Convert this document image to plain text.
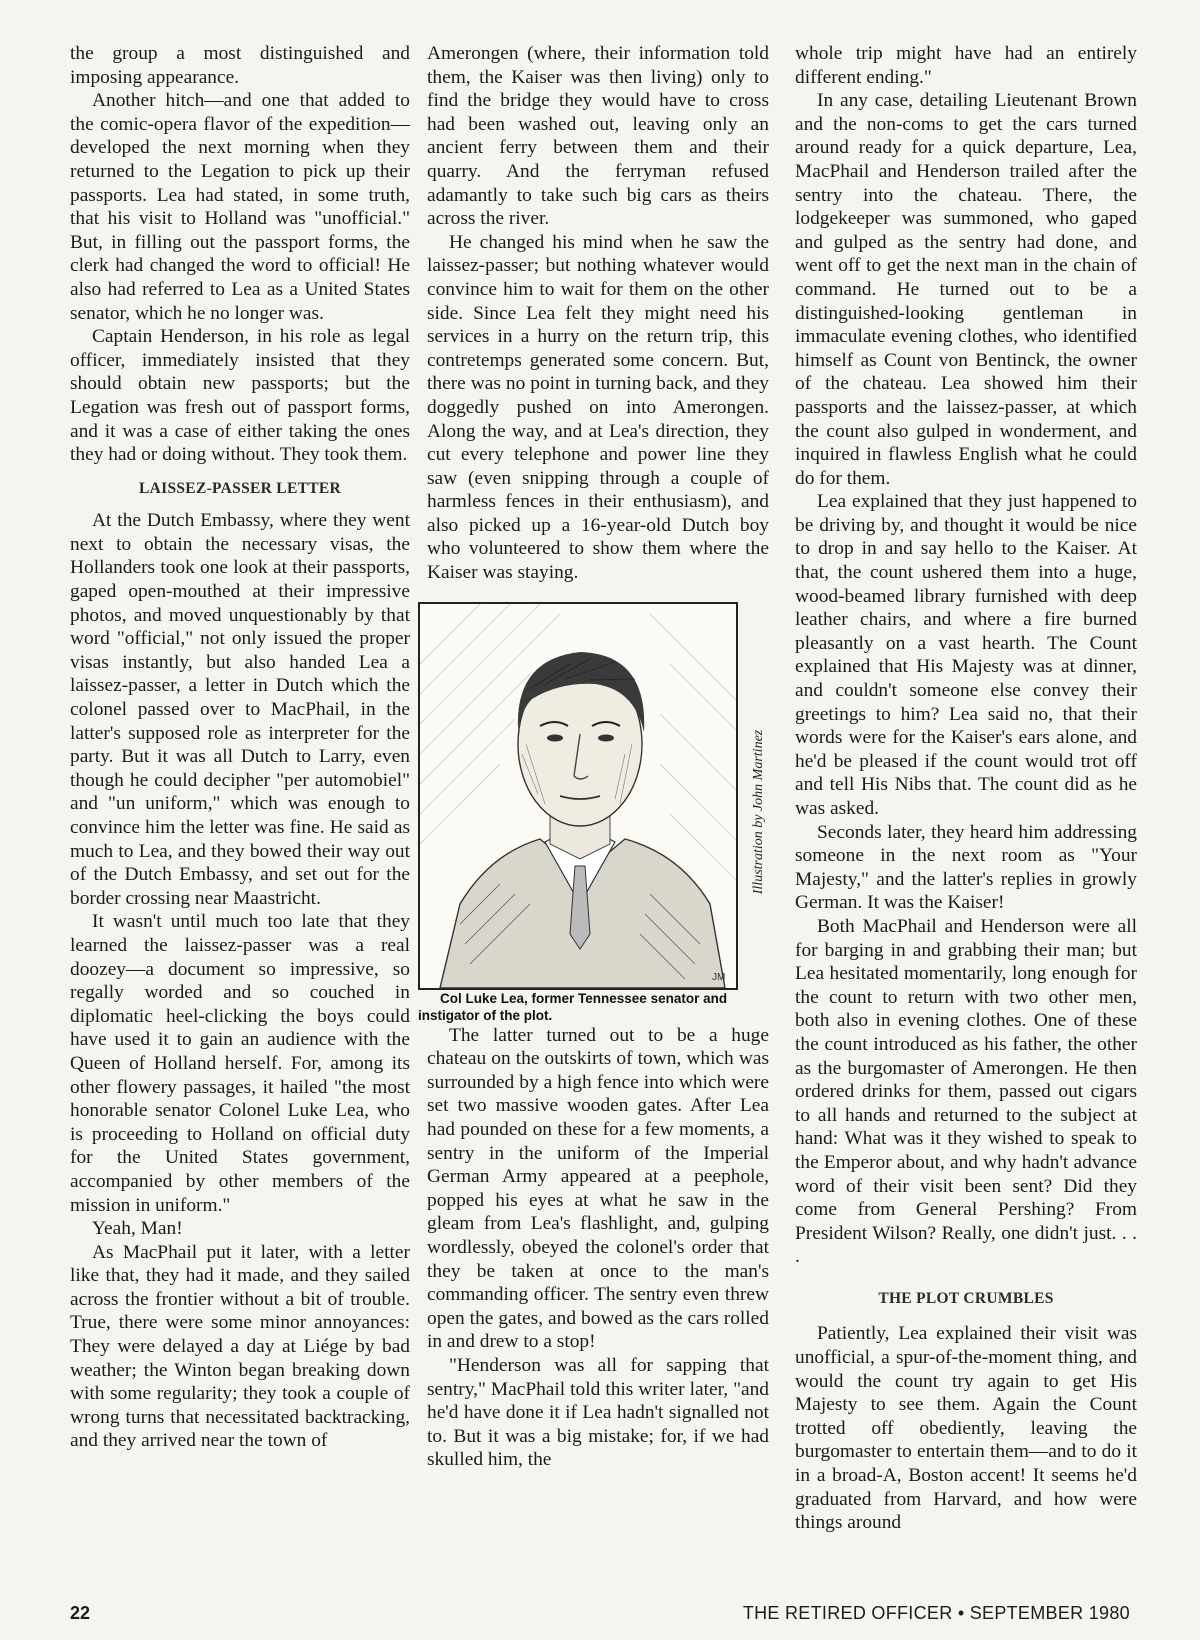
the group a most distinguished and imposing appearance.

Another hitch—and one that added to the comic-opera flavor of the expedition—developed the next morning when they returned to the Legation to pick up their passports. Lea had stated, in some truth, that his visit to Holland was "unofficial." But, in filling out the passport forms, the clerk had changed the word to official! He also had referred to Lea as a United States senator, which he no longer was.

Captain Henderson, in his role as legal officer, immediately insisted that they should obtain new passports; but the Legation was fresh out of passport forms, and it was a case of either taking the ones they had or doing without. They took them.

LAISSEZ-PASSER LETTER

At the Dutch Embassy, where they went next to obtain the necessary visas, the Hollanders took one look at their passports, gaped open-mouthed at their impressive photos, and moved unquestionably by that word "official," not only issued the proper visas instantly, but also handed Lea a laissez-passer, a letter in Dutch which the colonel passed over to MacPhail, in the latter's supposed role as interpreter for the party. But it was all Dutch to Larry, even though he could decipher "per automobiel" and "un uniform," which was enough to convince him the letter was fine. He said as much to Lea, and they bowed their way out of the Dutch Embassy, and set out for the border crossing near Maastricht.

It wasn't until much too late that they learned the laissez-passer was a real doozey—a document so impressive, so regally worded and so couched in diplomatic heel-clicking the boys could have used it to gain an audience with the Queen of Holland herself. For, among its other flowery passages, it hailed "the most honorable senator Colonel Luke Lea, who is proceeding to Holland on official duty for the United States government, accompanied by other members of the mission in uniform."

Yeah, Man!

As MacPhail put it later, with a letter like that, they had it made, and they sailed across the frontier without a bit of trouble. True, there were some minor annoyances: They were delayed a day at Liége by bad weather; the Winton began breaking down with some regularity; they took a couple of wrong turns that necessitated backtracking, and they arrived near the town of

Amerongen (where, their information told them, the Kaiser was then living) only to find the bridge they would have to cross had been washed out, leaving only an ancient ferry between them and their quarry. And the ferryman refused adamantly to take such big cars as theirs across the river.

He changed his mind when he saw the laissez-passer; but nothing whatever would convince him to wait for them on the other side. Since Lea felt they might need his services in a hurry on the return trip, this contretemps generated some concern. But, there was no point in turning back, and they doggedly pushed on into Amerongen. Along the way, and at Lea's direction, they cut every telephone and power line they saw (even snipping through a couple of harmless fences in their enthusiasm), and also picked up a 16-year-old Dutch boy who volunteered to show them where the Kaiser was staying.

JM
Illustration by John Martinez

Col Luke Lea, former Tennessee senator and instigator of the plot.

The latter turned out to be a huge chateau on the outskirts of town, which was surrounded by a high fence into which were set two massive wooden gates. After Lea had pounded on these for a few moments, a sentry in the uniform of the Imperial German Army appeared at a peephole, popped his eyes at what he saw in the gleam from Lea's flashlight, and, gulping wordlessly, obeyed the colonel's order that they be taken at once to the man's commanding officer. The sentry even threw open the gates, and bowed as the cars rolled in and drew to a stop!

"Henderson was all for sapping that sentry," MacPhail told this writer later, "and he'd have done it if Lea hadn't signalled not to. But it was a big mistake; for, if we had skulled him, the

whole trip might have had an entirely different ending."

In any case, detailing Lieutenant Brown and the non-coms to get the cars turned around ready for a quick departure, Lea, MacPhail and Henderson trailed after the sentry into the chateau. There, the lodgekeeper was summoned, who gaped and gulped as the sentry had done, and went off to get the next man in the chain of command. He turned out to be a distinguished-looking gentleman in immaculate evening clothes, who identified himself as Count von Bentinck, the owner of the chateau. Lea showed him their passports and the laissez-passer, at which the count also gulped in wonderment, and inquired in flawless English what he could do for them.

Lea explained that they just happened to be driving by, and thought it would be nice to drop in and say hello to the Kaiser. At that, the count ushered them into a huge, wood-beamed library furnished with deep leather chairs, and where a fire burned pleasantly on a vast hearth. The Count explained that His Majesty was at dinner, and couldn't someone else convey their greetings to him? Lea said no, that their words were for the Kaiser's ears alone, and he'd be pleased if the count would trot off and tell His Nibs that. The count did as he was asked.

Seconds later, they heard him addressing someone in the next room as "Your Majesty," and the latter's replies in growly German. It was the Kaiser!

Both MacPhail and Henderson were all for barging in and grabbing their man; but Lea hesitated momentarily, long enough for the count to return with two other men, both also in evening clothes. One of these the count introduced as his father, the other as the burgomaster of Amerongen. He then ordered drinks for them, passed out cigars to all hands and returned to the subject at hand: What was it they wished to speak to the Emperor about, and why hadn't advance word of their visit been sent? Did they come from General Pershing? From President Wilson? Really, one didn't just. . . .

THE PLOT CRUMBLES

Patiently, Lea explained their visit was unofficial, a spur-of-the-moment thing, and would the count try again to get His Majesty to see them. Again the Count trotted off obediently, leaving the burgomaster to entertain them—and to do it in a broad-A, Boston accent! It seems he'd graduated from Harvard, and how were things around

22	THE RETIRED OFFICER • SEPTEMBER 1980
